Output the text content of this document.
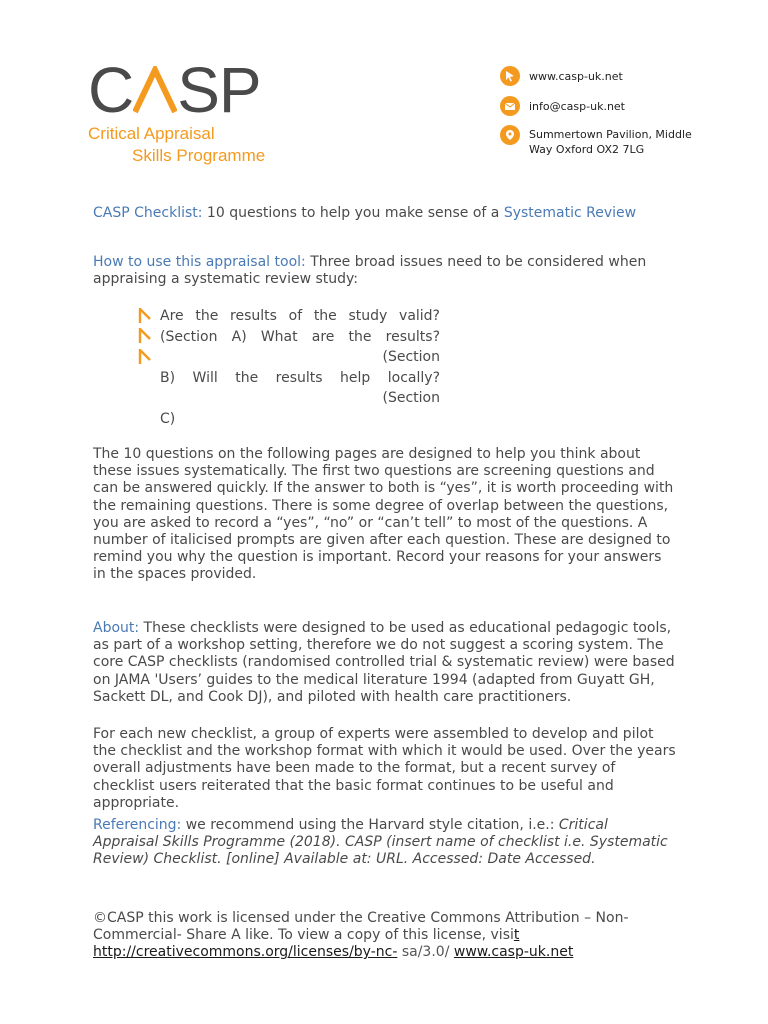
C SP
Critical Appraisal
Skills Programme
www.casp-uk.net
info@casp-uk.net
Summertown Pavilion, Middle
Way Oxford OX2 7LG
CASP Checklist: 10 questions to help you make sense of a Systematic Review
How to use this appraisal tool: Three broad issues need to be considered when appraising a systematic review study:
Are the results of the study valid?
(Section A) What are the results?
(Section
B) Will the results help locally?
(Section
C)
The 10 questions on the following pages are designed to help you think about these issues systematically. The first two questions are screening questions and can be answered quickly. If the answer to both is “yes”, it is worth proceeding with the remaining questions. There is some degree of overlap between the questions, you are asked to record a “yes”, “no” or “can’t tell” to most of the questions. A number of italicised prompts are given after each question. These are designed to remind you why the question is important. Record your reasons for your answers in the spaces provided.
About: These checklists were designed to be used as educational pedagogic tools, as part of a workshop setting, therefore we do not suggest a scoring system. The core CASP checklists (randomised controlled trial & systematic review) were based on JAMA 'Users’ guides to the medical literature 1994 (adapted from Guyatt GH, Sackett DL, and Cook DJ), and piloted with health care practitioners.
For each new checklist, a group of experts were assembled to develop and pilot the checklist and the workshop format with which it would be used. Over the years overall adjustments have been made to the format, but a recent survey of checklist users reiterated that the basic format continues to be useful and appropriate.
Referencing: we recommend using the Harvard style citation, i.e.: Critical Appraisal Skills Programme (2018). CASP (insert name of checklist i.e. Systematic Review) Checklist. [online] Available at: URL. Accessed: Date Accessed.
©CASP this work is licensed under the Creative Commons Attribution – Non-Commercial- Share A like. To view a copy of this license, visit http://creativecommons.org/licenses/by-nc- sa/3.0/ www.casp-uk.net
